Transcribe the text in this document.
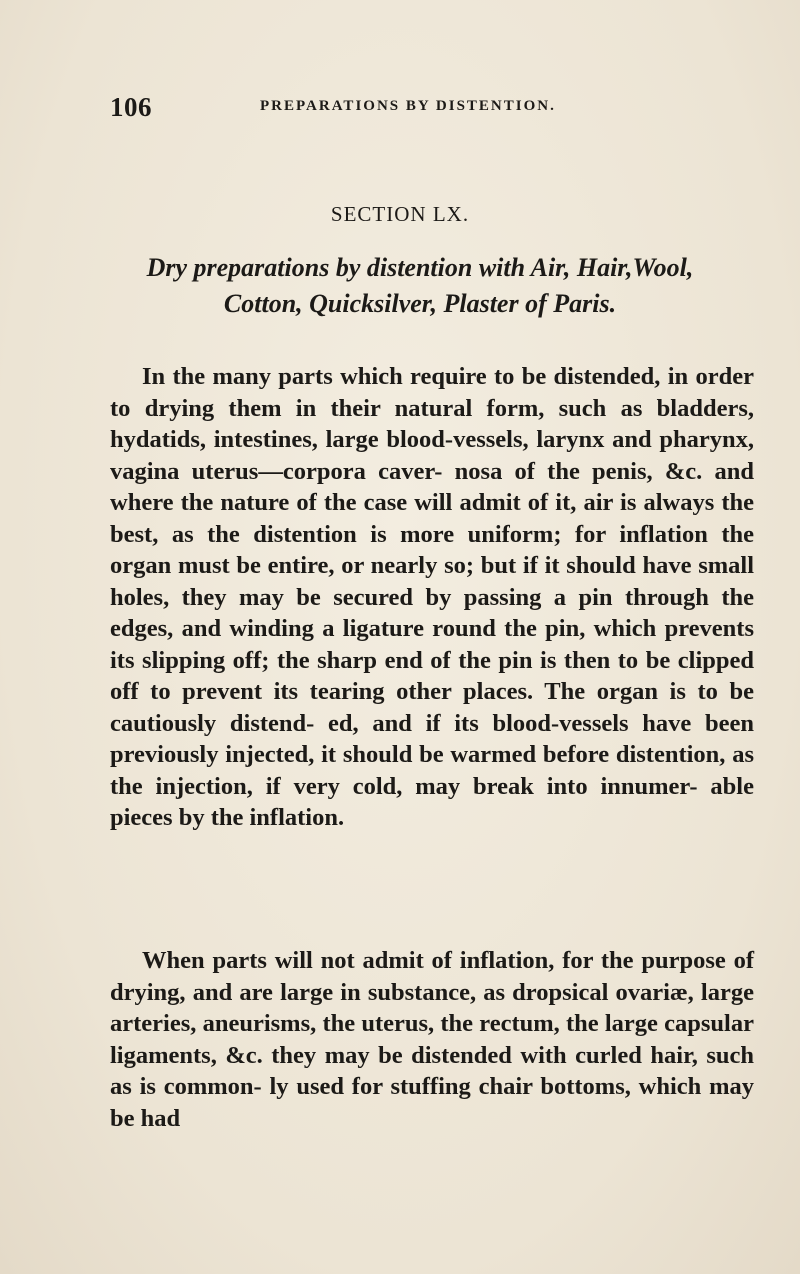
106	PREPARATIONS BY DISTENTION.
SECTION LX.
Dry preparations by distention with Air, Hair,Wool,
Cotton, Quicksilver, Plaster of Paris.

In the many parts which require to be distended, in order to drying them in their natural form, such as bladders, hydatids, intestines, large blood-vessels, larynx and pharynx, vagina uterus—corpora caver- nosa of the penis, &c. and where the nature of the case will admit of it, air is always the best, as the distention is more uniform; for inflation the organ must be entire, or nearly so; but if it should have small holes, they may be secured by passing a pin through the edges, and winding a ligature round the pin, which prevents its slipping off; the sharp end of the pin is then to be clipped off to prevent its tearing other places. The organ is to be cautiously distend- ed, and if its blood-vessels have been previously injected, it should be warmed before distention, as the injection, if very cold, may break into innumer- able pieces by the inflation.

When parts will not admit of inflation, for the purpose of drying, and are large in substance, as dropsical ovariæ, large arteries, aneurisms, the uterus, the rectum, the large capsular ligaments, &c. they may be distended with curled hair, such as is common- ly used for stuffing chair bottoms, which may be had
